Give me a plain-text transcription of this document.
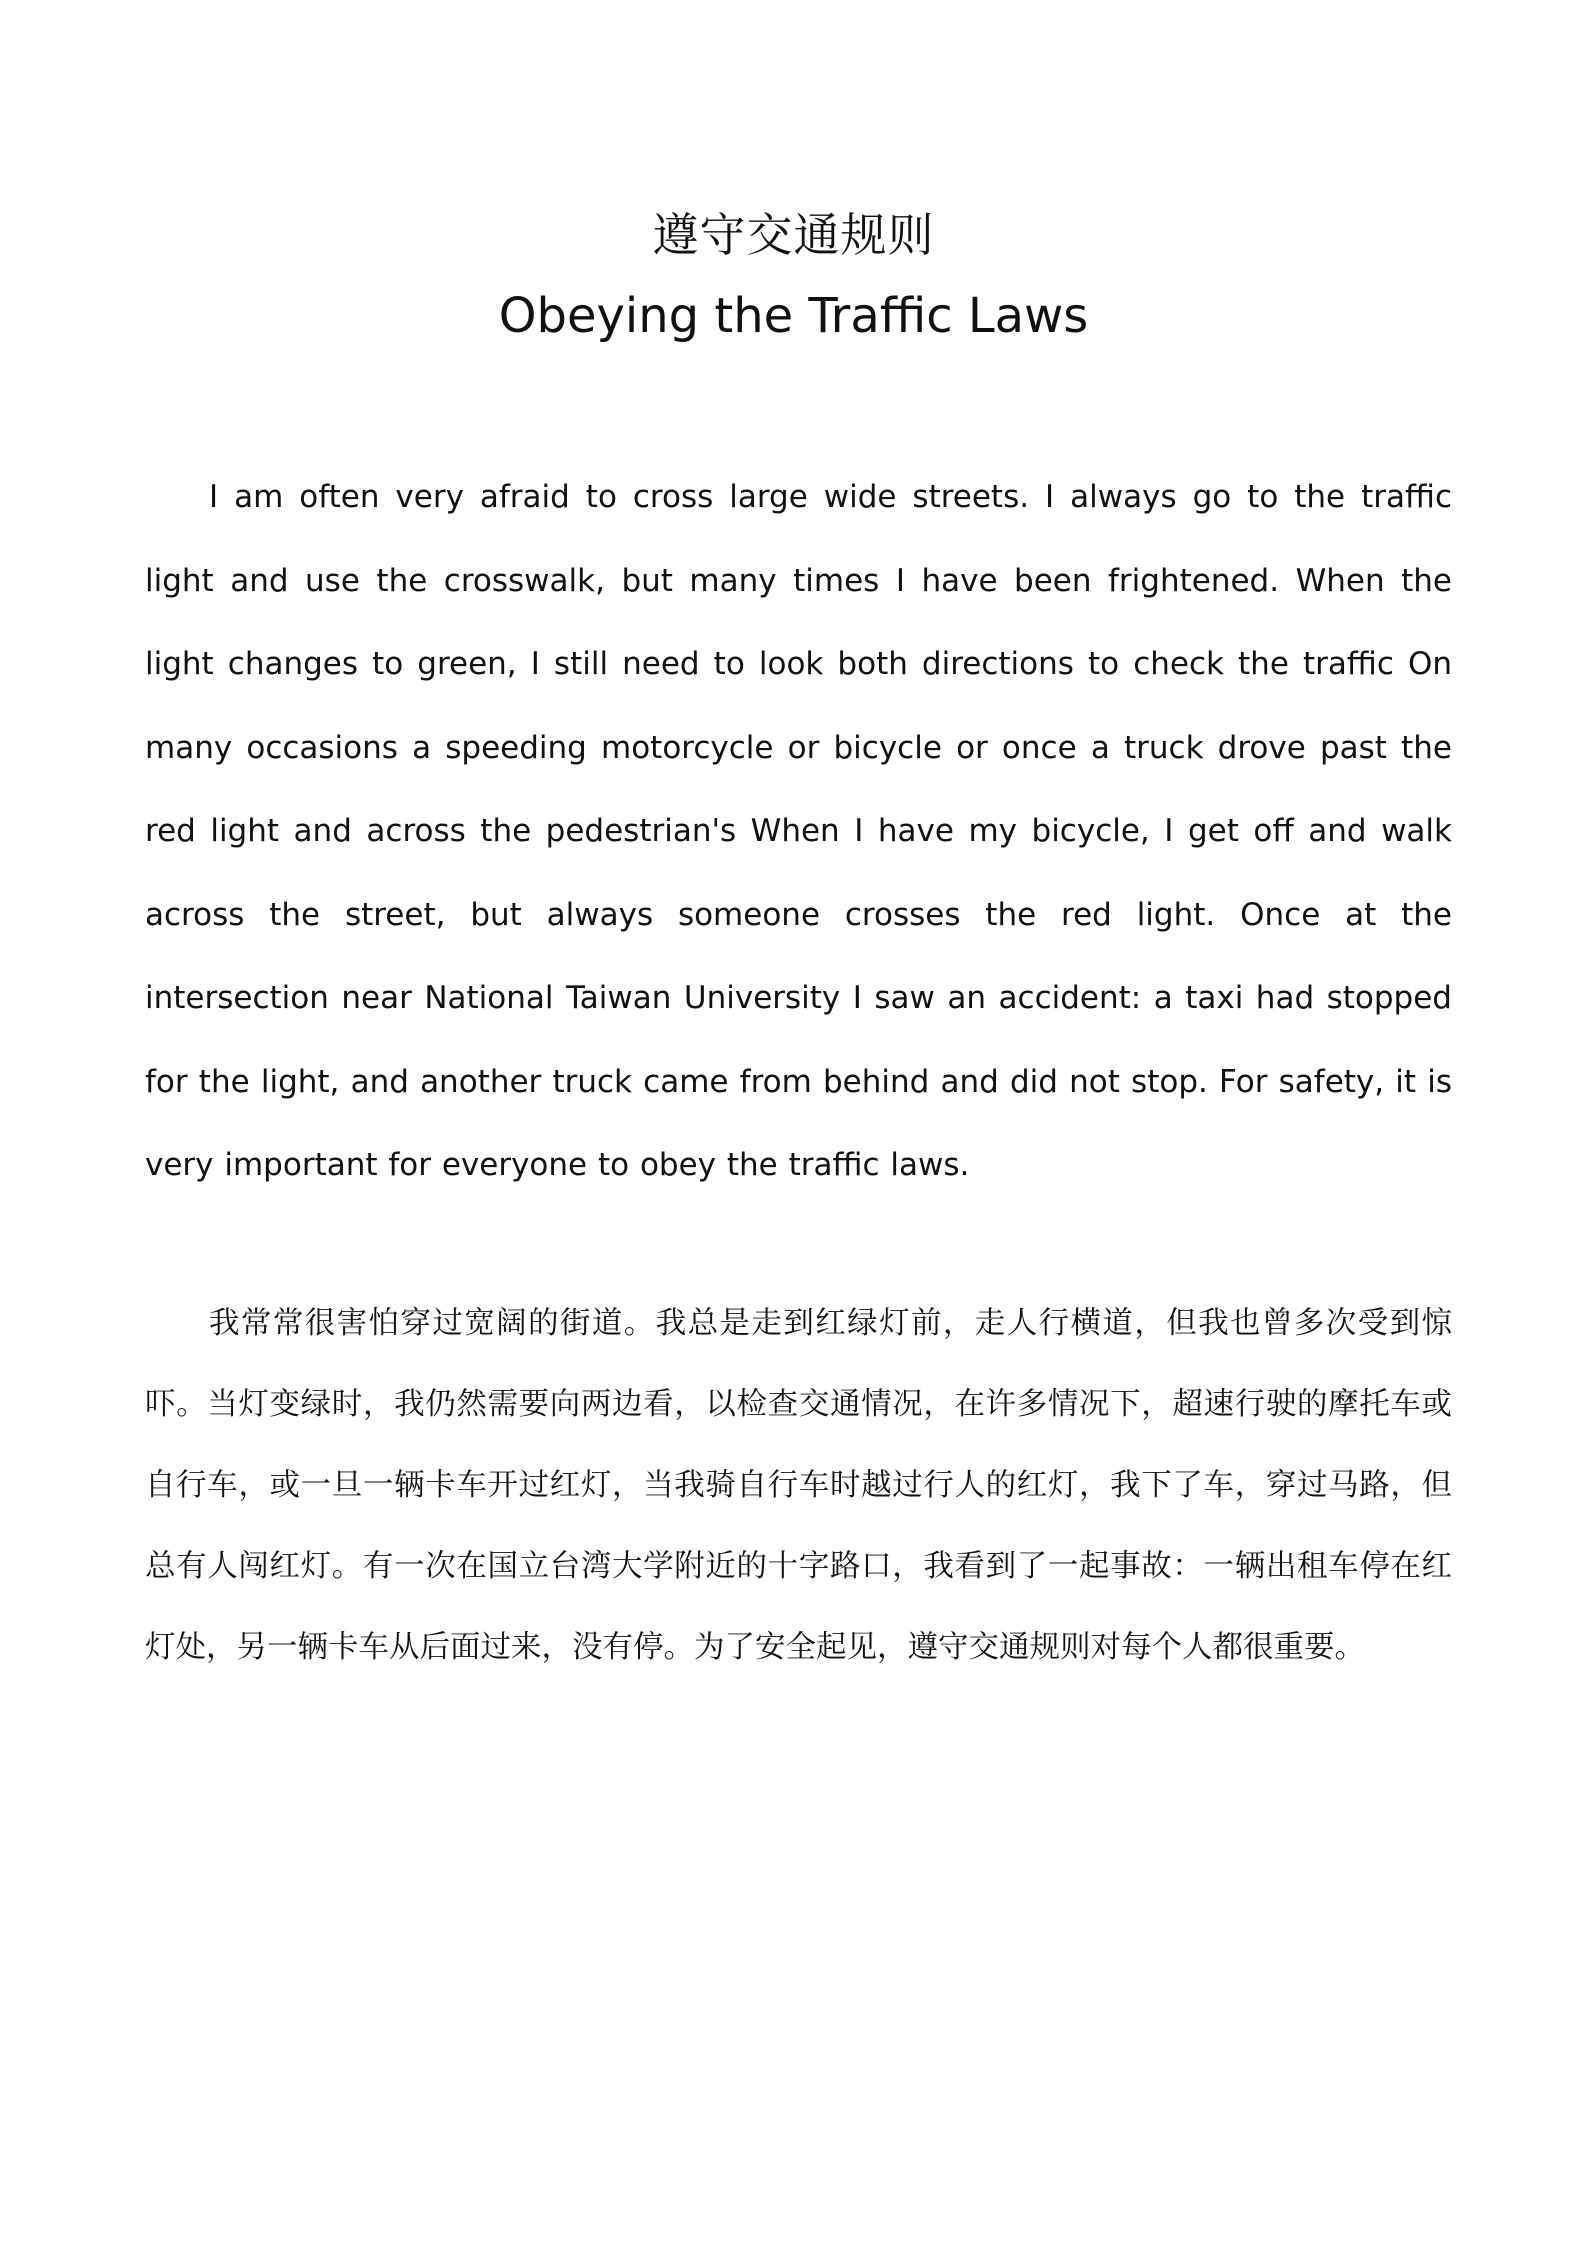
遵守交通规则
Obeying the Traffic Laws

I am often very afraid to cross large wide streets. I always go to the traffic light and use the crosswalk, but many times I have been frightened. When the light changes to green, I still need to look both directions to check the traffic On many occasions a speeding motorcycle or bicycle or once a truck drove past the red light and across the pedestrian's When I have my bicycle, I get off and walk across the street, but always someone crosses the red light. Once at the intersection near National Taiwan University I saw an accident: a taxi had stopped for the light, and another truck came from behind and did not stop. For safety, it is very important for everyone to obey the traffic laws.

我常常很害怕穿过宽阔的街道。我总是走到红绿灯前，走人行横道，但我也曾多次受到惊吓。当灯变绿时，我仍然需要向两边看，以检查交通情况，在许多情况下，超速行驶的摩托车或自行车，或一旦一辆卡车开过红灯，当我骑自行车时越过行人的红灯，我下了车，穿过马路，但总有人闯红灯。有一次在国立台湾大学附近的十字路口，我看到了一起事故：一辆出租车停在红灯处，另一辆卡车从后面过来，没有停。为了安全起见，遵守交通规则对每个人都很重要。
